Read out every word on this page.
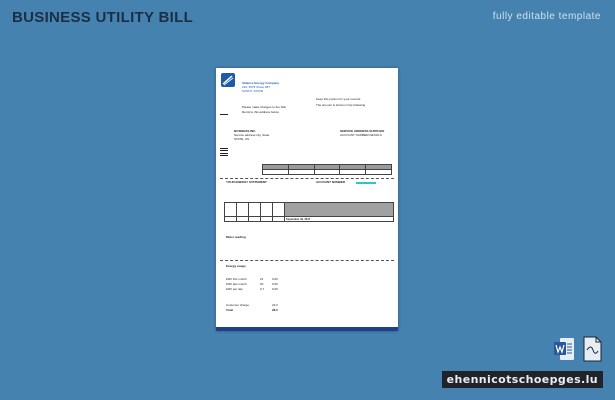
BUSINESS UTILITY BILL	fully editable template
Alliance Energy Company
234, 5678 Street 987
SUNNY, STATE
Please make changes to the bills
Remit to this address below
Keep this portion for your records
The amount is shown in the following
BUSINESS INC.
Service address city, State
STATE, US
SERVICE ADDRESS SUPPLIED
ACCOUNT NUMBER DETAILS

YOUR ENERGY STATEMENT	ACCOUNT NUMBER

					September 30, 2017
Meter reading
Energy usage
kWh this month	21	0.00
kWh last month	20	0.00
kWh per day	0.7	0.00
Customer charge	23.0
Total	28.0
ehennicotschoepges.lu
